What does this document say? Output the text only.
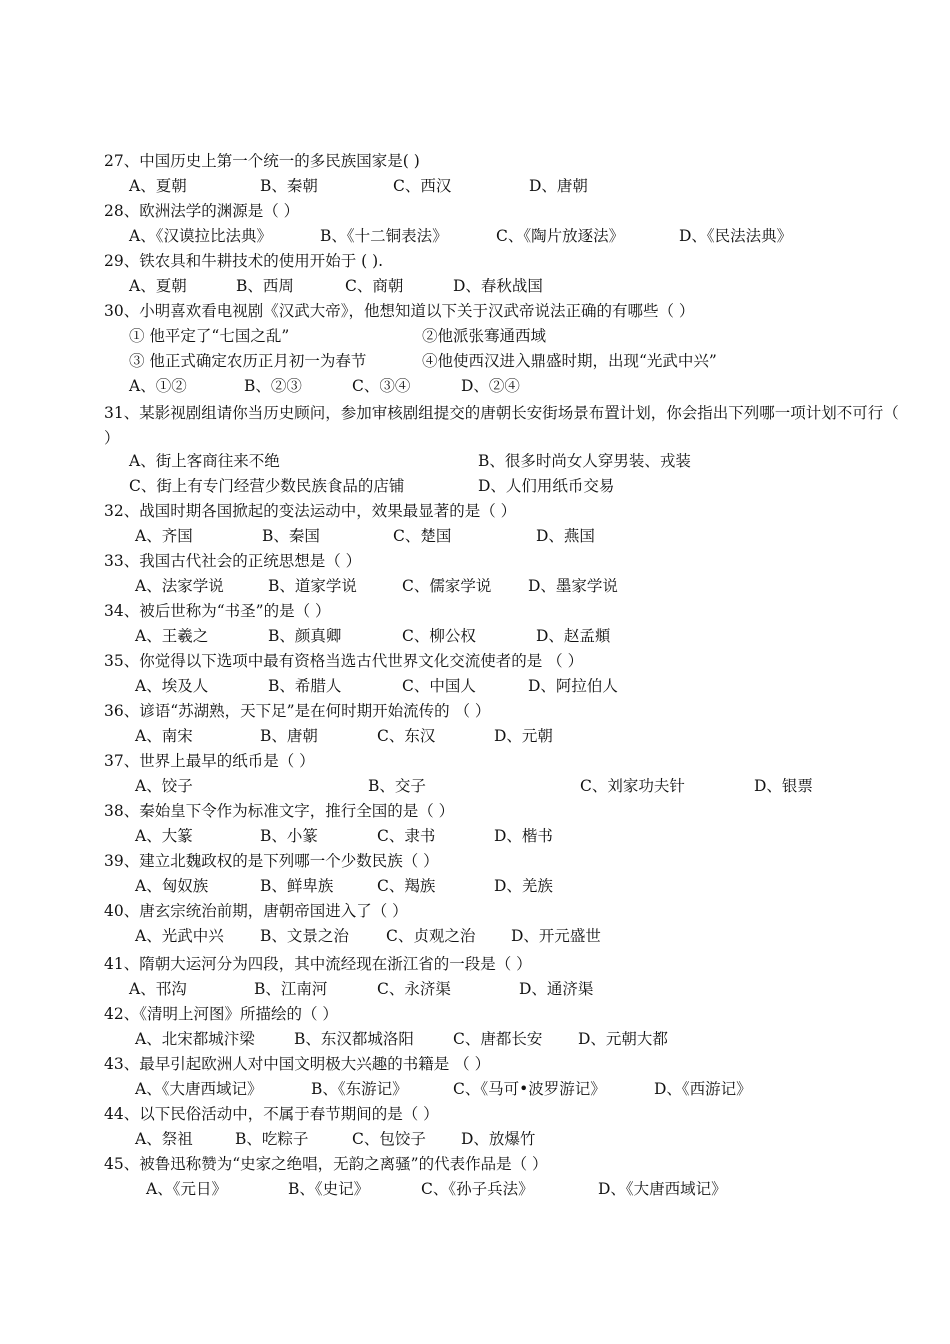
27、中国历史上第一个统一的多民族国家是( )
A、夏朝	B、秦朝	C、西汉	D、唐朝
28、欧洲法学的渊源是（ ）
A、《汉谟拉比法典》	B、《十二铜表法》	C、《陶片放逐法》	D、《民法法典》
29、铁农具和牛耕技术的使用开始于 ( ).
A、夏朝	B、西周	C、商朝	D、春秋战国
30、小明喜欢看电视剧《汉武大帝》，他想知道以下关于汉武帝说法正确的有哪些（ ）
① 他平定了“七国之乱”	②他派张骞通西域
③ 他正式确定农历正月初一为春节	④他使西汉进入鼎盛时期，出现“光武中兴”
A、①②	B、②③	C、③④	D、②④
31、某影视剧组请你当历史顾问，参加审核剧组提交的唐朝长安街场景布置计划，你会指出下列哪一项计划不可行（ ）
A、街上客商往来不绝	B、很多时尚女人穿男装、戎装
C、街上有专门经营少数民族食品的店铺	D、人们用纸币交易
32、战国时期各国掀起的变法运动中，效果最显著的是（ ）
A、齐国	B、秦国	C、楚国	D、燕国
33、我国古代社会的正统思想是（ ）
A、法家学说	B、道家学说	C、儒家学说 D、墨家学说
34、被后世称为“书圣”的是（ ）
A、王羲之	B、颜真卿	C、柳公权	D、赵孟頫
35、你觉得以下选项中最有资格当选古代世界文化交流使者的是 （ ）
A、埃及人	B、希腊人	C、中国人	D、阿拉伯人
36、谚语“苏湖熟，天下足”是在何时期开始流传的 （ ）
A、南宋	B、唐朝	C、东汉	D、元朝
37、世界上最早的纸币是（ ）
A、饺子	B、交子	C、刘家功夫针	D、银票
38、秦始皇下令作为标准文字，推行全国的是（ ）
A、大篆	B、小篆	C、隶书	D、楷书
39、建立北魏政权的是下列哪一个少数民族（ ）
A、匈奴族	B、鲜卑族	C、羯族	D、羌族
40、唐玄宗统治前期，唐朝帝国进入了（ ）
A、光武中兴 B、文景之治 C、贞观之治 D、开元盛世
41、隋朝大运河分为四段，其中流经现在浙江省的一段是（ ）
A、邗沟	B、江南河	C、永济渠	D、通济渠
42、《清明上河图》所描绘的（ ）
A、北宋都城汴梁	B、东汉都城洛阳	C、唐都长安 D、元朝大都
43、最早引起欧洲人对中国文明极大兴趣的书籍是 （ ）
A、《大唐西域记》	B、《东游记》	C、《马可•波罗游记》	D、《西游记》
44、以下民俗活动中，不属于春节期间的是（ ）
A、祭祖	B、吃粽子	C、包饺子 D、放爆竹
45、被鲁迅称赞为“史家之绝唱，无韵之离骚”的代表作品是（ ）
A、《元日》	B、《史记》	C、《孙子兵法》	D、《大唐西域记》
